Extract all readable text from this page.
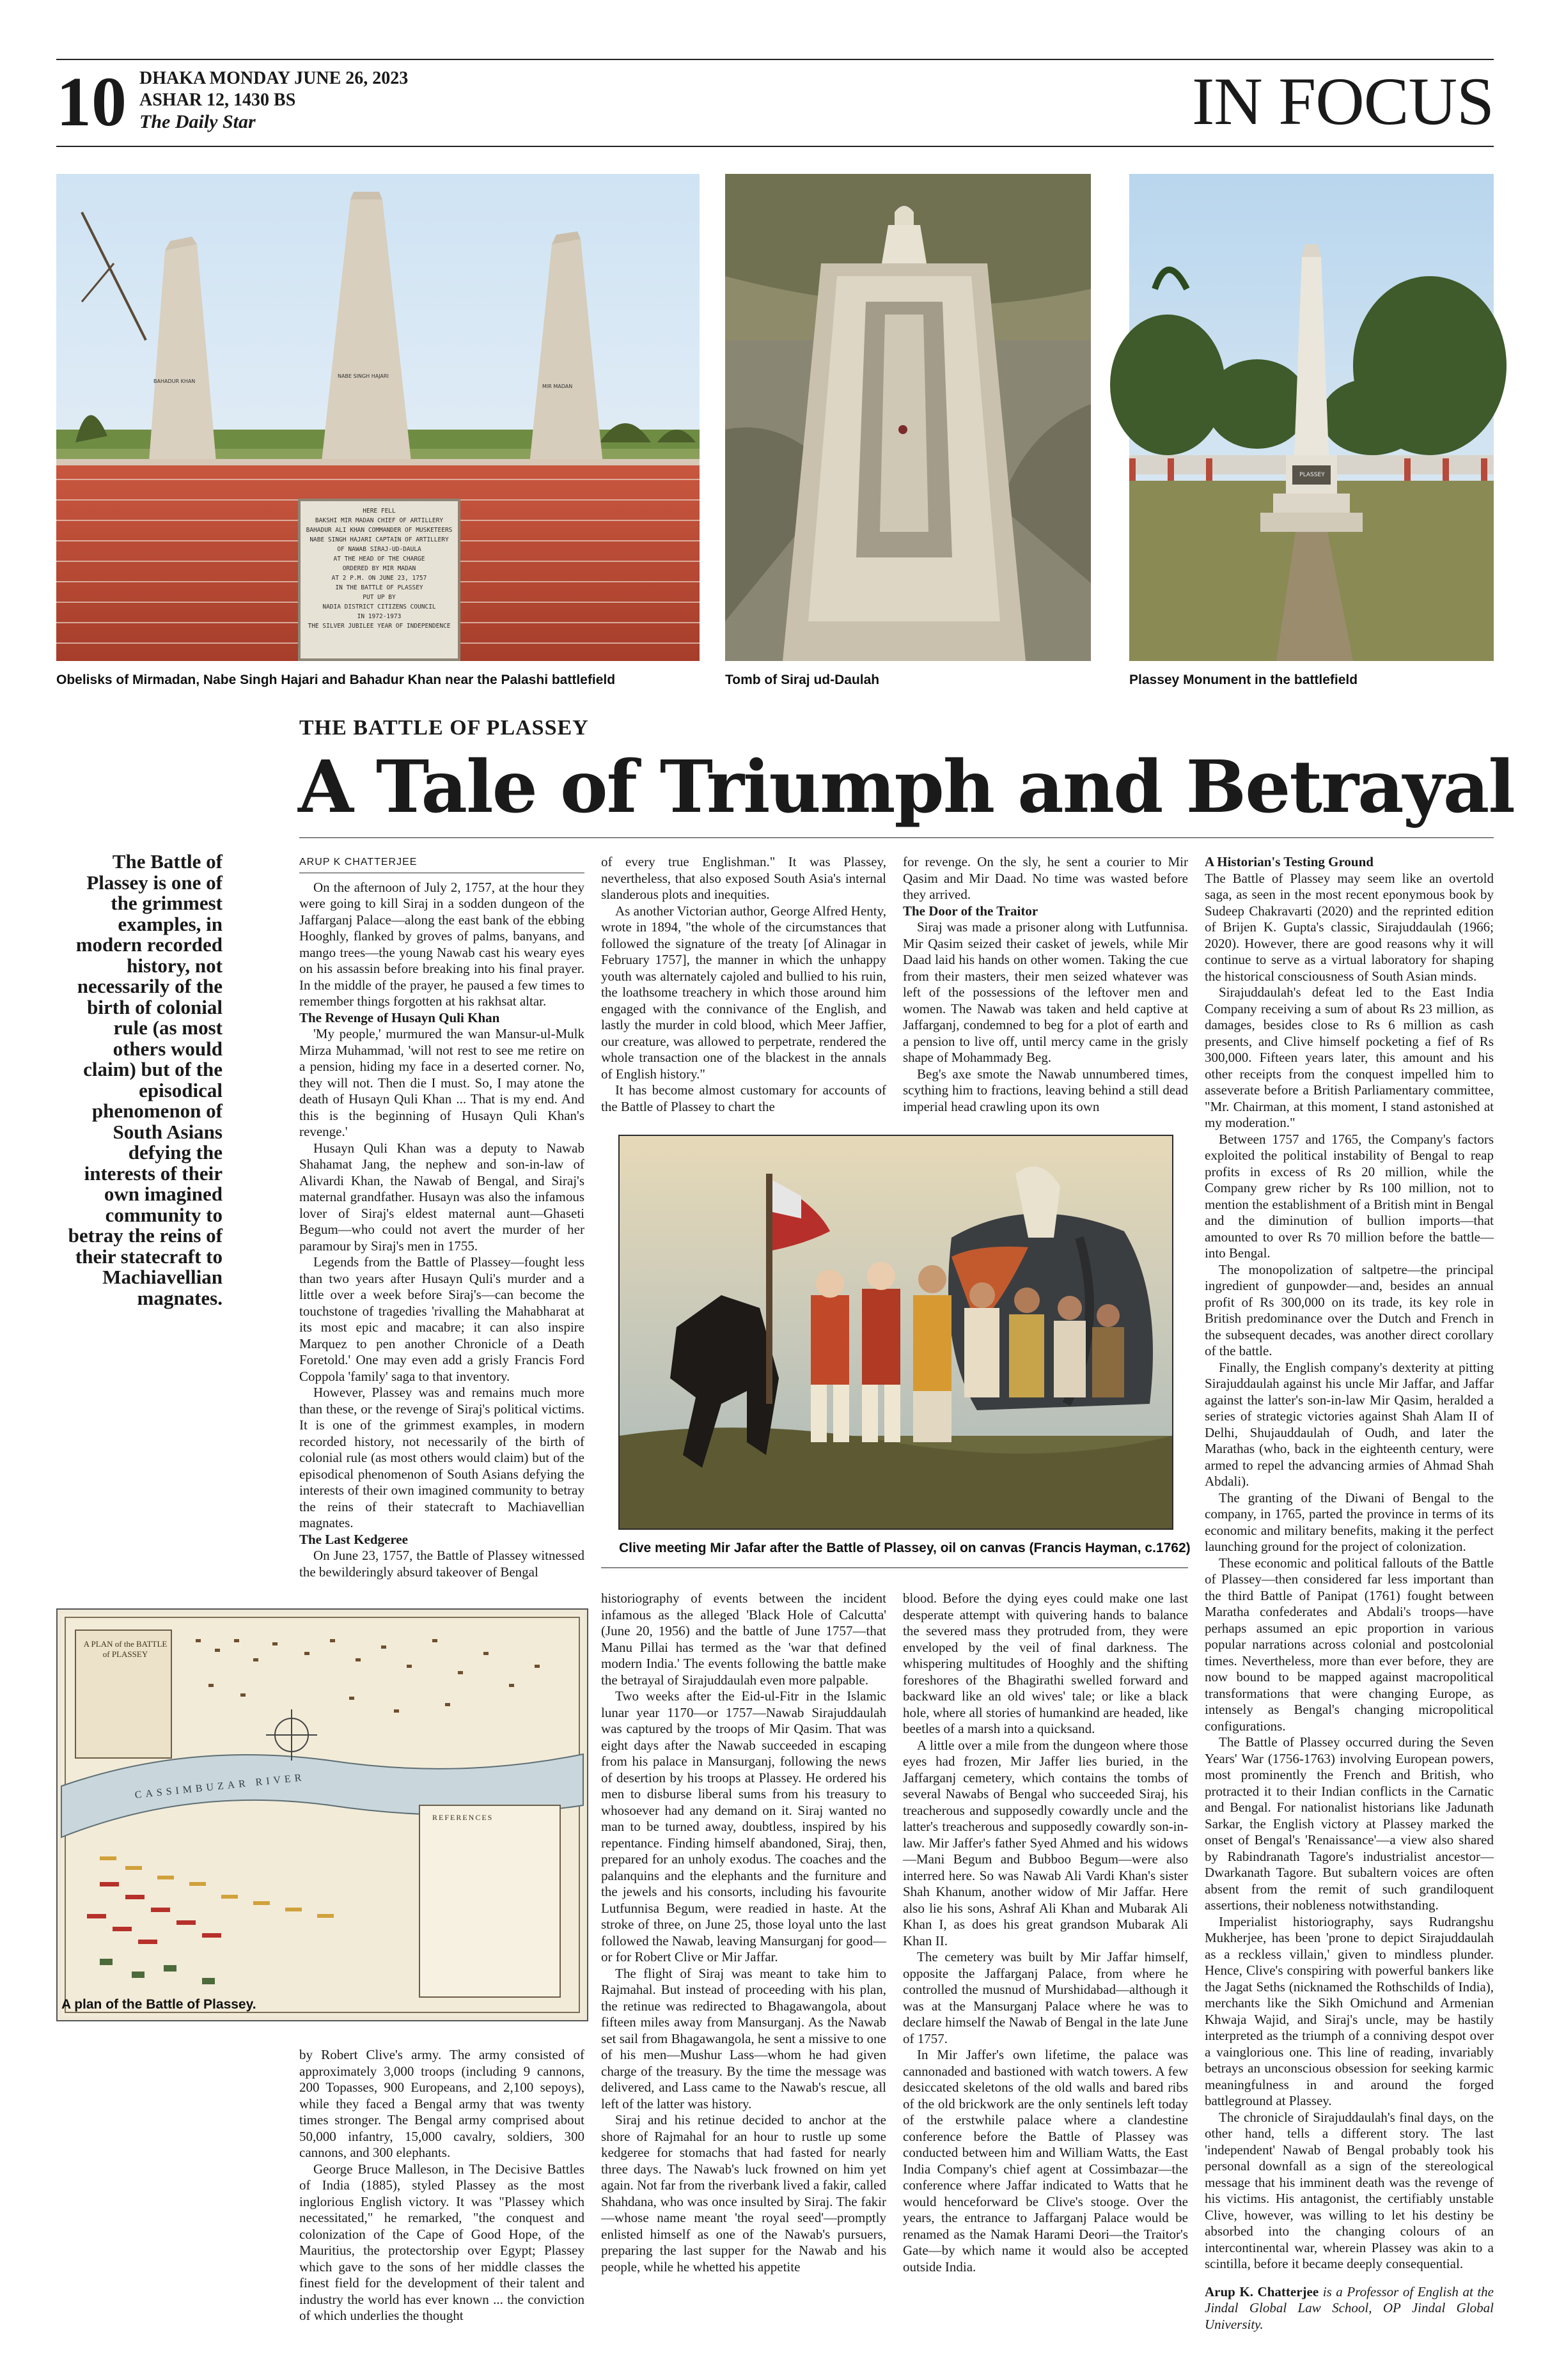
10 DHAKA MONDAY JUNE 26, 2023
ASHAR 12, 1430 BS
The Daily Star	IN FOCUS
BAHADUR KHAN
NABE SINGH HAJARI
MIR MADAN
HERE FELL
BAKSHI MIR MADAN CHIEF OF ARTILLERY
BAHADUR ALI KHAN COMMANDER OF MUSKETEERS
NABE SINGH HAJARI CAPTAIN OF ARTILLERY
OF NAWAB SIRAJ-UD-DAULA
AT THE HEAD OF THE CHARGE
ORDERED BY MIR MADAN
AT 2 P.M. ON JUNE 23, 1757
IN THE BATTLE OF PLASSEY
PUT UP BY
NADIA DISTRICT CITIZENS COUNCIL
IN 1972-1973
THE SILVER JUBILEE YEAR OF INDEPENDENCE
Obelisks of Mirmadan, Nabe Singh Hajari and Bahadur Khan near the Palashi battlefield	Tomb of Siraj ud-Daulah
PLASSEY
Plassey Monument in the battlefield
THE BATTLE OF PLASSEY
A Tale of Triumph and Betrayal
The Battle of Plassey is one of the grimmest examples, in modern recorded history, not necessarily of the birth of colonial rule (as most others would claim) but of the episodical phenomenon of South Asians defying the interests of their own imagined community to betray the reins of their statecraft to Machiavellian magnates.
ARUP K CHATTERJEE

On the afternoon of July 2, 1757, at the hour they were going to kill Siraj in a sodden dungeon of the Jaffarganj Palace—along the east bank of the ebbing Hooghly, flanked by groves of palms, banyans, and mango trees—the young Nawab cast his weary eyes on his assassin before breaking into his final prayer. In the middle of the prayer, he paused a few times to remember things forgotten at his rakhsat altar.

The Revenge of Husayn Quli Khan

'My people,' murmured the wan Mansur-ul-Mulk Mirza Muhammad, 'will not rest to see me retire on a pension, hiding my face in a deserted corner. No, they will not. Then die I must. So, I may atone the death of Husayn Quli Khan ... That is my end. And this is the beginning of Husayn Quli Khan's revenge.'

Husayn Quli Khan was a deputy to Nawab Shahamat Jang, the nephew and son-in-law of Alivardi Khan, the Nawab of Bengal, and Siraj's maternal grandfather. Husayn was also the infamous lover of Siraj's eldest maternal aunt—Ghaseti Begum—who could not avert the murder of her paramour by Siraj's men in 1755.

Legends from the Battle of Plassey—fought less than two years after Husayn Quli's murder and a little over a week before Siraj's—can become the touchstone of tragedies 'rivalling the Mahabharat at its most epic and macabre; it can also inspire Marquez to pen another Chronicle of a Death Foretold.' One may even add a grisly Francis Ford Coppola 'family' saga to that inventory.

However, Plassey was and remains much more than these, or the revenge of Siraj's political victims. It is one of the grimmest examples, in modern recorded history, not necessarily of the birth of colonial rule (as most others would claim) but of the episodical phenomenon of South Asians defying the interests of their own imagined community to betray the reins of their statecraft to Machiavellian magnates.

The Last Kedgeree

On June 23, 1757, the Battle of Plassey witnessed the bewilderingly absurd takeover of Bengal

of every true Englishman." It was Plassey, nevertheless, that also exposed South Asia's internal slanderous plots and inequities.

As another Victorian author, George Alfred Henty, wrote in 1894, "the whole of the circumstances that followed the signature of the treaty [of Alinagar in February 1757], the manner in which the unhappy youth was alternately cajoled and bullied to his ruin, the loathsome treachery in which those around him engaged with the connivance of the English, and lastly the murder in cold blood, which Meer Jaffier, our creature, was allowed to perpetrate, rendered the whole transaction one of the blackest in the annals of English history."

It has become almost customary for accounts of the Battle of Plassey to chart the

for revenge. On the sly, he sent a courier to Mir Qasim and Mir Daad. No time was wasted before they arrived.

The Door of the Traitor

Siraj was made a prisoner along with Lutfunnisa. Mir Qasim seized their casket of jewels, while Mir Daad laid his hands on other women. Taking the cue from their masters, their men seized whatever was left of the possessions of the leftover men and women. The Nawab was taken and held captive at Jaffarganj, condemned to beg for a plot of earth and a pension to live off, until mercy came in the grisly shape of Mohammady Beg.

Beg's axe smote the Nawab unnumbered times, scything him to fractions, leaving behind a still dead imperial head crawling upon its own

A Historian's Testing Ground

The Battle of Plassey may seem like an overtold saga, as seen in the most recent eponymous book by Sudeep Chakravarti (2020) and the reprinted edition of Brijen K. Gupta's classic, Sirajuddaulah (1966; 2020). However, there are good reasons why it will continue to serve as a virtual laboratory for shaping the historical consciousness of South Asian minds.

Sirajuddaulah's defeat led to the East India Company receiving a sum of about Rs 23 million, as damages, besides close to Rs 6 million as cash presents, and Clive himself pocketing a fief of Rs 300,000. Fifteen years later, this amount and his other receipts from the conquest impelled him to asseverate before a British Parliamentary committee, "Mr. Chairman, at this moment, I stand astonished at my moderation."

Between 1757 and 1765, the Company's factors exploited the political instability of Bengal to reap profits in excess of Rs 20 million, while the Company grew richer by Rs 100 million, not to mention the establishment of a British mint in Bengal and the diminution of bullion imports—that amounted to over Rs 70 million before the battle—into Bengal.

The monopolization of saltpetre—the principal ingredient of gunpowder—and, besides an annual profit of Rs 300,000 on its trade, its key role in British predominance over the Dutch and French in the subsequent decades, was another direct corollary of the battle.

Finally, the English company's dexterity at pitting Sirajuddaulah against his uncle Mir Jaffar, and Jaffar against the latter's son-in-law Mir Qasim, heralded a series of strategic victories against Shah Alam II of Delhi, Shujauddaulah of Oudh, and later the Marathas (who, back in the eighteenth century, were armed to repel the advancing armies of Ahmad Shah Abdali).

The granting of the Diwani of Bengal to the company, in 1765, parted the province in terms of its economic and military benefits, making it the perfect launching ground for the project of colonization.

These economic and political fallouts of the Battle of Plassey—then considered far less important than the third Battle of Panipat (1761) fought between Maratha confederates and Abdali's troops—have perhaps assumed an epic proportion in various popular narrations across colonial and postcolonial times. Nevertheless, more than ever before, they are now bound to be mapped against macropolitical transformations that were changing Europe, as intensely as Bengal's changing micropolitical configurations.

The Battle of Plassey occurred during the Seven Years' War (1756-1763) involving European powers, most prominently the French and British, who protracted it to their Indian conflicts in the Carnatic and Bengal. For nationalist historians like Jadunath Sarkar, the English victory at Plassey marked the onset of Bengal's 'Renaissance'—a view also shared by Rabindranath Tagore's industrialist ancestor—Dwarkanath Tagore. But subaltern voices are often absent from the remit of such grandiloquent assertions, their nobleness notwithstanding.

Imperialist historiography, says Rudrangshu Mukherjee, has been 'prone to depict Sirajuddaulah as a reckless villain,' given to mindless plunder. Hence, Clive's conspiring with powerful bankers like the Jagat Seths (nicknamed the Rothschilds of India), merchants like the Sikh Omichund and Armenian Khwaja Wajid, and Siraj's uncle, may be hastily interpreted as the triumph of a conniving despot over a vainglorious one. This line of reading, invariably betrays an unconscious obsession for seeking karmic meaningfulness in and around the forged battleground at Plassey.

The chronicle of Sirajuddaulah's final days, on the other hand, tells a different story. The last 'independent' Nawab of Bengal probably took his personal downfall as a sign of the stereological message that his imminent death was the revenge of his victims. His antagonist, the certifiably unstable Clive, however, was willing to let his destiny be absorbed into the changing colours of an intercontinental war, wherein Plassey was akin to a scintilla, before it became deeply consequential.

Arup K. Chatterjee is a Professor of English at the Jindal Global Law School, OP Jindal Global University.

Clive meeting Mir Jafar after the Battle of Plassey, oil on canvas (Francis Hayman, c.1762)
A PLAN of the BATTLE of PLASSEY
CASSIMBUZAR RIVER
REFERENCES
A plan of the Battle of Plassey.

by Robert Clive's army. The army consisted of approximately 3,000 troops (including 9 cannons, 200 Topasses, 900 Europeans, and 2,100 sepoys), while they faced a Bengal army that was twenty times stronger. The Bengal army comprised about 50,000 infantry, 15,000 cavalry, soldiers, 300 cannons, and 300 elephants.

George Bruce Malleson, in The Decisive Battles of India (1885), styled Plassey as the most inglorious English victory. It was "Plassey which necessitated," he remarked, "the conquest and colonization of the Cape of Good Hope, of the Mauritius, the protectorship over Egypt; Plassey which gave to the sons of her middle classes the finest field for the development of their talent and industry the world has ever known ... the conviction of which underlies the thought

historiography of events between the incident infamous as the alleged 'Black Hole of Calcutta' (June 20, 1956) and the battle of June 1757—that Manu Pillai has termed as the 'war that defined modern India.' The events following the battle make the betrayal of Sirajuddaulah even more palpable.

Two weeks after the Eid-ul-Fitr in the Islamic lunar year 1170—or 1757—Nawab Sirajuddaulah was captured by the troops of Mir Qasim. That was eight days after the Nawab succeeded in escaping from his palace in Mansurganj, following the news of desertion by his troops at Plassey. He ordered his men to disburse liberal sums from his treasury to whosoever had any demand on it. Siraj wanted no man to be turned away, doubtless, inspired by his repentance. Finding himself abandoned, Siraj, then, prepared for an unholy exodus. The coaches and the palanquins and the elephants and the furniture and the jewels and his consorts, including his favourite Lutfunnisa Begum, were readied in haste. At the stroke of three, on June 25, those loyal unto the last followed the Nawab, leaving Mansurganj for good—or for Robert Clive or Mir Jaffar.

The flight of Siraj was meant to take him to Rajmahal. But instead of proceeding with his plan, the retinue was redirected to Bhagawangola, about fifteen miles away from Mansurganj. As the Nawab set sail from Bhagawangola, he sent a missive to one of his men—Mushur Lass—whom he had given charge of the treasury. By the time the message was delivered, and Lass came to the Nawab's rescue, all left of the latter was history.

Siraj and his retinue decided to anchor at the shore of Rajmahal for an hour to rustle up some kedgeree for stomachs that had fasted for nearly three days. The Nawab's luck frowned on him yet again. Not far from the riverbank lived a fakir, called Shahdana, who was once insulted by Siraj. The fakir—whose name meant 'the royal seed'—promptly enlisted himself as one of the Nawab's pursuers, preparing the last supper for the Nawab and his people, while he whetted his appetite

blood. Before the dying eyes could make one last desperate attempt with quivering hands to balance the severed mass they protruded from, they were enveloped by the veil of final darkness. The whispering multitudes of Hooghly and the shifting foreshores of the Bhagirathi swelled forward and backward like an old wives' tale; or like a black hole, where all stories of humankind are headed, like beetles of a marsh into a quicksand.

A little over a mile from the dungeon where those eyes had frozen, Mir Jaffer lies buried, in the Jaffarganj cemetery, which contains the tombs of several Nawabs of Bengal who succeeded Siraj, his treacherous and supposedly cowardly uncle and the latter's treacherous and supposedly cowardly son-in-law. Mir Jaffer's father Syed Ahmed and his widows—Mani Begum and Bubboo Begum—were also interred here. So was Nawab Ali Vardi Khan's sister Shah Khanum, another widow of Mir Jaffar. Here also lie his sons, Ashraf Ali Khan and Mubarak Ali Khan I, as does his great grandson Mubarak Ali Khan II.

The cemetery was built by Mir Jaffar himself, opposite the Jaffarganj Palace, from where he controlled the musnud of Murshidabad—although it was at the Mansurganj Palace where he was to declare himself the Nawab of Bengal in the late June of 1757.

In Mir Jaffer's own lifetime, the palace was cannonaded and bastioned with watch towers. A few desiccated skeletons of the old walls and bared ribs of the old brickwork are the only sentinels left today of the erstwhile palace where a clandestine conference before the Battle of Plassey was conducted between him and William Watts, the East India Company's chief agent at Cossimbazar—the conference where Jaffar indicated to Watts that he would henceforward be Clive's stooge. Over the years, the entrance to Jaffarganj Palace would be renamed as the Namak Harami Deori—the Traitor's Gate—by which name it would also be accepted outside India.
